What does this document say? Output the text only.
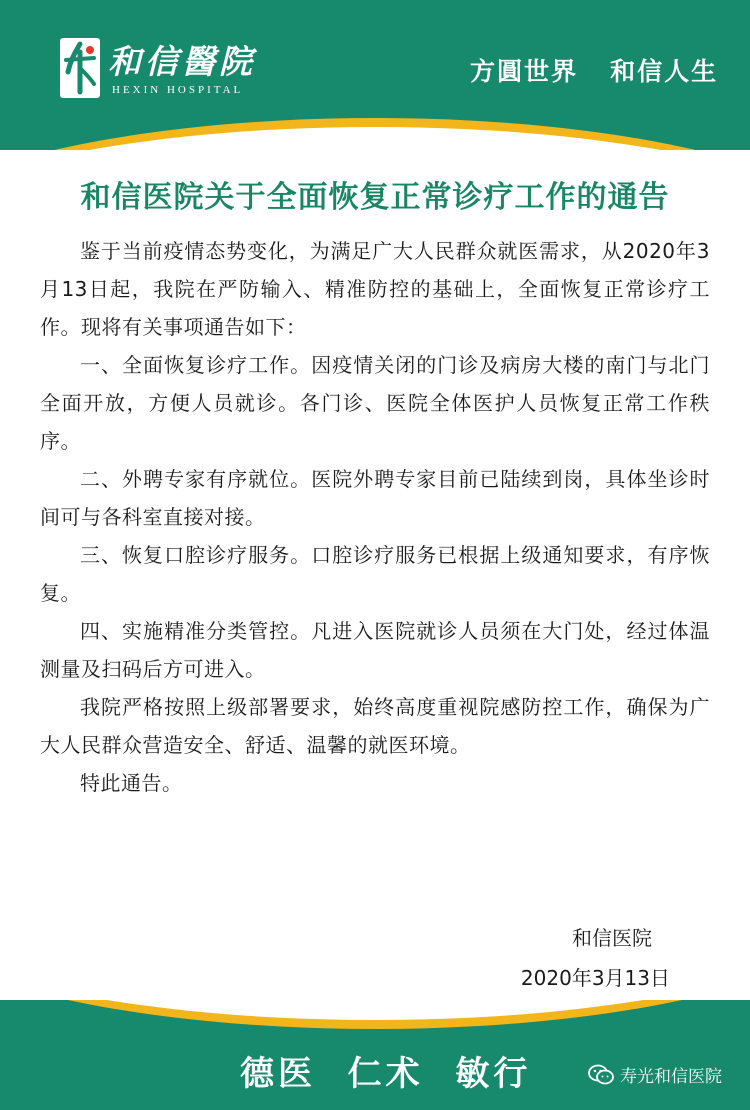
和信醫院
HEXIN HOSPITAL
方圓世界   和信人生
和信医院关于全面恢复正常诊疗工作的通告

鉴于当前疫情态势变化，为满足广大人民群众就医需求，从2020年3月13日起，我院在严防输入、精准防控的基础上，全面恢复正常诊疗工作。现将有关事项通告如下：

一、全面恢复诊疗工作。因疫情关闭的门诊及病房大楼的南门与北门全面开放，方便人员就诊。各门诊、医院全体医护人员恢复正常工作秩序。

二、外聘专家有序就位。医院外聘专家目前已陆续到岗，具体坐诊时间可与各科室直接对接。

三、恢复口腔诊疗服务。口腔诊疗服务已根据上级通知要求，有序恢复。

四、实施精准分类管控。凡进入医院就诊人员须在大门处，经过体温测量及扫码后方可进入。

我院严格按照上级部署要求，始终高度重视院感防控工作，确保为广大人民群众营造安全、舒适、温馨的就医环境。

特此通告。

和信医院
2020年3月13日
德医  仁术  敏行	寿光和信医院
